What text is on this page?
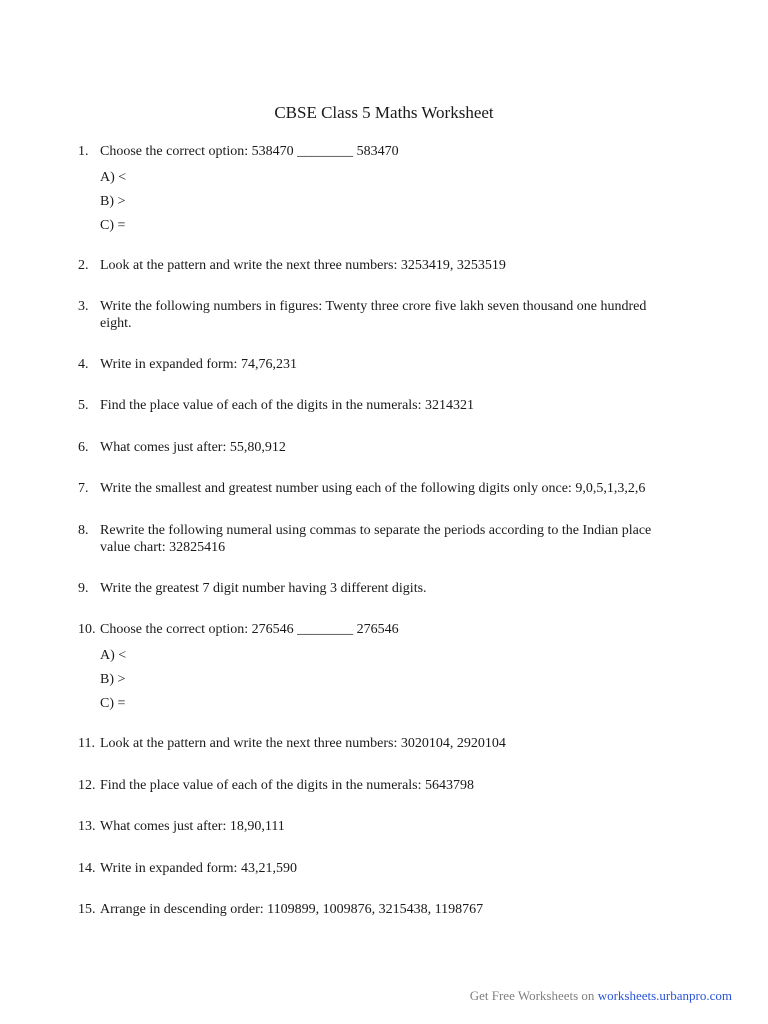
CBSE Class 5 Maths Worksheet
1. Choose the correct option: 538470 ________ 583470
A) <
B) >
C) =
2. Look at the pattern and write the next three numbers: 3253419, 3253519
3. Write the following numbers in figures: Twenty three crore five lakh seven thousand one hundred eight.
4. Write in expanded form: 74,76,231
5. Find the place value of each of the digits in the numerals: 3214321
6. What comes just after: 55,80,912
7. Write the smallest and greatest number using each of the following digits only once: 9,0,5,1,3,2,6
8. Rewrite the following numeral using commas to separate the periods according to the Indian place value chart: 32825416
9. Write the greatest 7 digit number having 3 different digits.
10. Choose the correct option: 276546 ________ 276546
A) <
B) >
C) =
11. Look at the pattern and write the next three numbers: 3020104, 2920104
12. Find the place value of each of the digits in the numerals: 5643798
13. What comes just after: 18,90,111
14. Write in expanded form: 43,21,590
15. Arrange in descending order: 1109899, 1009876, 3215438, 1198767
Get Free Worksheets on worksheets.urbanpro.com
